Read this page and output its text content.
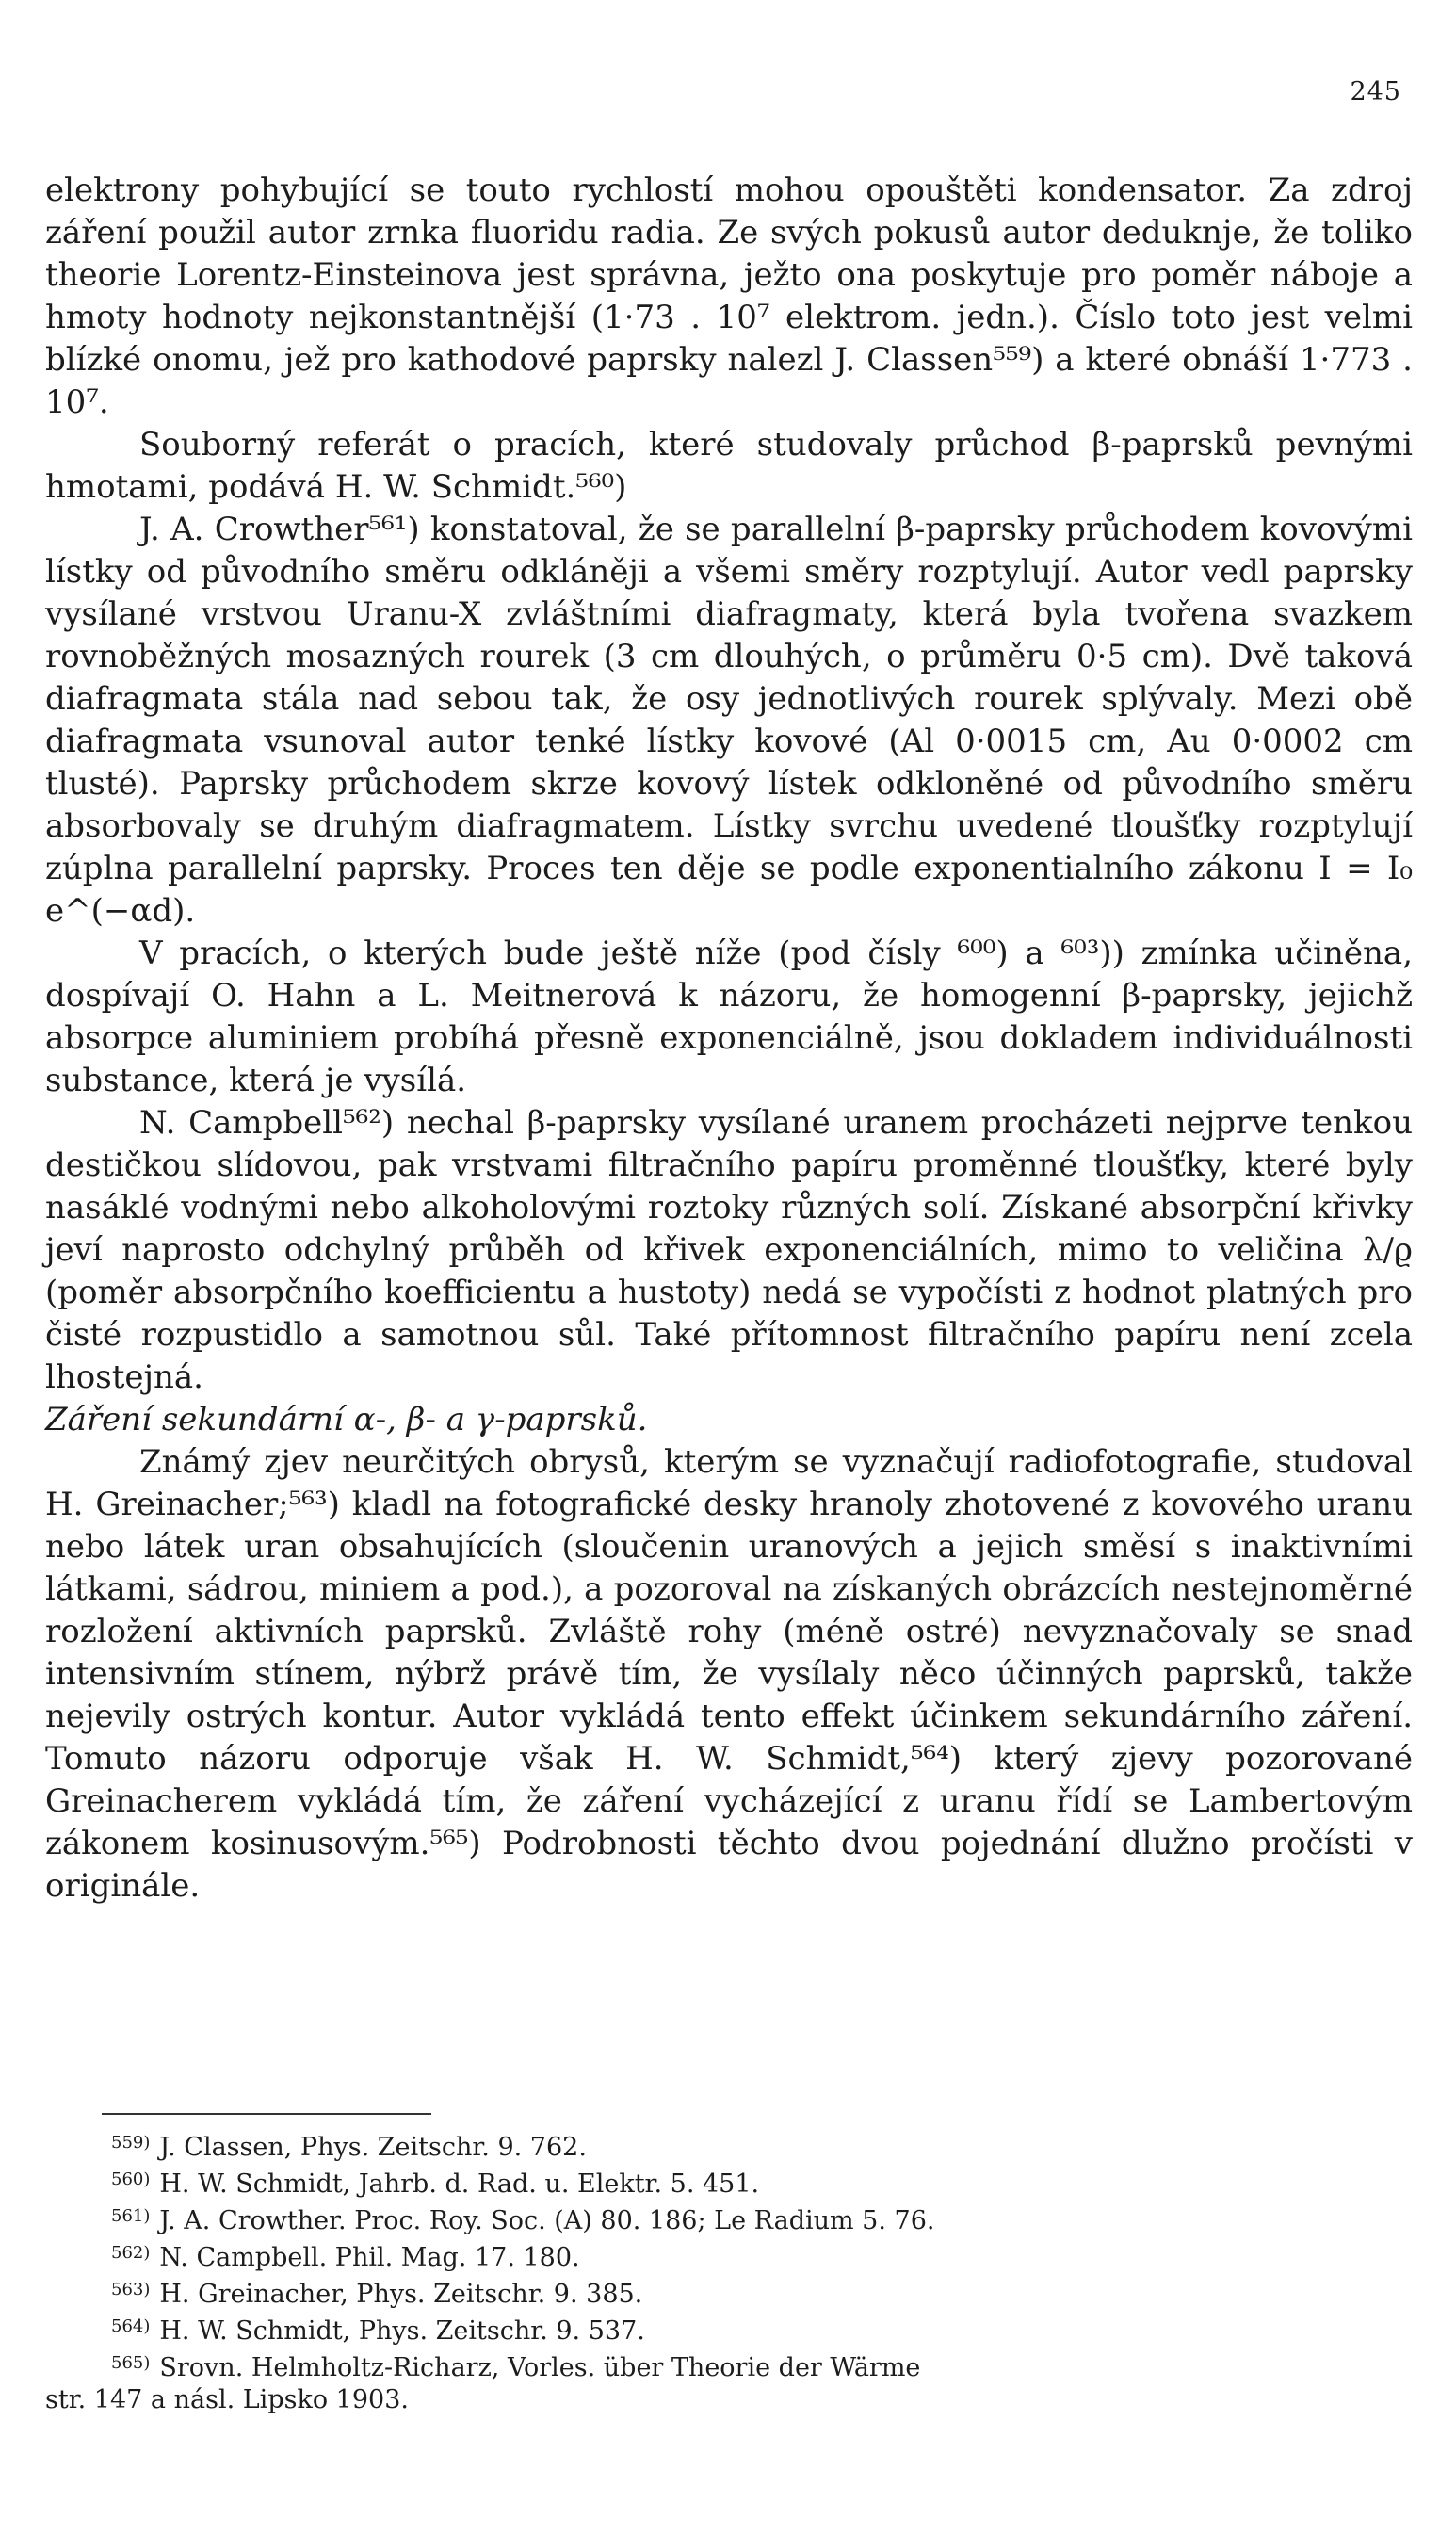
245

elektrony pohybující se touto rychlostí mohou opouštěti kondensator. Za zdroj záření použil autor zrnka fluoridu radia. Ze svých pokusů autor deduknje, že toliko theorie Lorentz-Einsteinova jest správna, ježto ona poskytuje pro poměr náboje a hmoty hodnoty nejkonstantnější (1·73 . 10⁷ elektrom. jedn.). Číslo toto jest velmi blízké onomu, jež pro kathodové paprsky nalezl J. Classen⁵⁵⁹) a které obnáší 1·773 . 10⁷.

Souborný referát o pracích, které studovaly průchod β-paprsků pevnými hmotami, podává H. W. Schmidt.⁵⁶⁰)

J. A. Crowther⁵⁶¹) konstatoval, že se parallelní β-paprsky průchodem kovovými lístky od původního směru odkláněji a všemi směry rozptylují. Autor vedl paprsky vysílané vrstvou Uranu-X zvláštními diafragmaty, která byla tvořena svazkem rovnoběžných mosazných rourek (3 cm dlouhých, o průměru 0·5 cm). Dvě taková diafragmata stála nad sebou tak, že osy jednotlivých rourek splývaly. Mezi obě diafragmata vsunoval autor tenké lístky kovové (Al 0·0015 cm, Au 0·0002 cm tlusté). Paprsky průchodem skrze kovový lístek odkloněné od původního směru absorbovaly se druhým diafragmatem. Lístky svrchu uvedené tloušťky rozptylují zúplna parallelní paprsky. Proces ten děje se podle exponentialního zákonu I = I₀ e^(−αd).

V pracích, o kterých bude ještě níže (pod čísly ⁶⁰⁰) a ⁶⁰³)) zmínka učiněna, dospívají O. Hahn a L. Meitnerová k názoru, že homogenní β-paprsky, jejichž absorpce aluminiem probíhá přesně exponenciálně, jsou dokladem individuálnosti substance, která je vysílá.

N. Campbell⁵⁶²) nechal β-paprsky vysílané uranem procházeti nejprve tenkou destičkou slídovou, pak vrstvami filtračního papíru proměnné tloušťky, které byly nasáklé vodnými nebo alkoholovými roztoky různých solí. Získané absorpční křivky jeví naprosto odchylný průběh od křivek exponenciálních, mimo to veličina λ/ϱ (poměr absorpčního koefficientu a hustoty) nedá se vypočísti z hodnot platných pro čisté rozpustidlo a samotnou sůl. Také přítomnost filtračního papíru není zcela lhostejná.

Záření sekundární α-, β- a γ-paprsků.

Známý zjev neurčitých obrysů, kterým se vyznačují radiofotografie, studoval H. Greinacher;⁵⁶³) kladl na fotografické desky hranoly zhotovené z kovového uranu nebo látek uran obsahujících (sloučenin uranových a jejich směsí s inaktivními látkami, sádrou, miniem a pod.), a pozoroval na získaných obrázcích nestejnoměrné rozložení aktivních paprsků. Zvláště rohy (méně ostré) nevyznačovaly se snad intensivním stínem, nýbrž právě tím, že vysílaly něco účinných paprsků, takže nejevily ostrých kontur. Autor vykládá tento effekt účinkem sekundárního záření. Tomuto názoru odporuje však H. W. Schmidt,⁵⁶⁴) který zjevy pozorované Greinacherem vykládá tím, že záření vycházející z uranu řídí se Lambertovým zákonem kosinusovým.⁵⁶⁵) Podrobnosti těchto dvou pojednání dlužno pročísti v originále.

$^{559)}$ J. Classen, Phys. Zeitschr. 9. 762.

$^{560)}$ H. W. Schmidt, Jahrb. d. Rad. u. Elektr. 5. 451.

$^{561)}$ J. A. Crowther. Proc. Roy. Soc. (A) 80. 186; Le Radium 5. 76.

$^{562)}$ N. Campbell. Phil. Mag. 17. 180.

$^{563)}$ H. Greinacher, Phys. Zeitschr. 9. 385.

$^{564)}$ H. W. Schmidt, Phys. Zeitschr. 9. 537.

$^{565)}$ Srovn. Helmholtz-Richarz, Vorles. über Theorie der Wärme

str. 147 a násl. Lipsko 1903.
